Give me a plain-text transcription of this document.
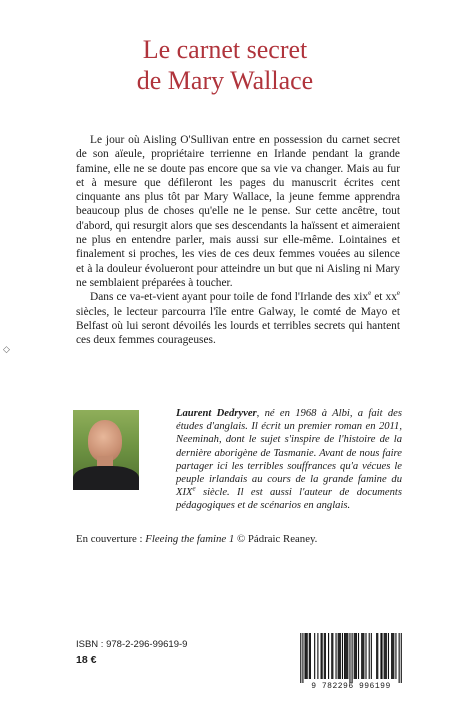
Le carnet secret
de Mary Wallace

Le jour où Aisling O'Sullivan entre en possession du carnet secret de son aïeule, propriétaire terrienne en Irlande pendant la grande famine, elle ne se doute pas encore que sa vie va changer. Mais au fur et à mesure que défileront les pages du manuscrit écrites cent cinquante ans plus tôt par Mary Wallace, la jeune femme apprendra beaucoup plus de choses qu'elle ne le pense. Sur cette ancêtre, tout d'abord, qui resurgit alors que ses descendants la haïssent et aimeraient ne plus en entendre parler, mais aussi sur elle-même. Lointaines et finalement si proches, les vies de ces deux femmes vouées au silence et à la douleur évolueront pour atteindre un but que ni Aisling ni Mary ne semblaient préparées à toucher.

Dans ce va-et-vient ayant pour toile de fond l'Irlande des xix$^e$ et $xx^e$ siècles, le lecteur parcourra l'île entre Galway, le comté de Mayo et Belfast où lui seront dévoilés les lourds et terribles secrets qui hantent ces deux femmes courageuses.

◇
Laurent Dedryver, né en 1968 à Albi, a fait des études d'anglais. Il écrit un premier roman en 2011, Neeminah, dont le sujet s'inspire de l'histoire de la dernière aborigène de Tasmanie. Avant de nous faire partager ici les terribles souffrances qu'a vécues le peuple irlandais au cours de la grande famine du XIXe siècle. Il est aussi l'auteur de documents pédagogiques et de scénarios en anglais.
En couverture : Fleeing the famine 1 © Pádraic Reaney.
ISBN : 978-2-296-99619-9
18 €
9 782296 996199
